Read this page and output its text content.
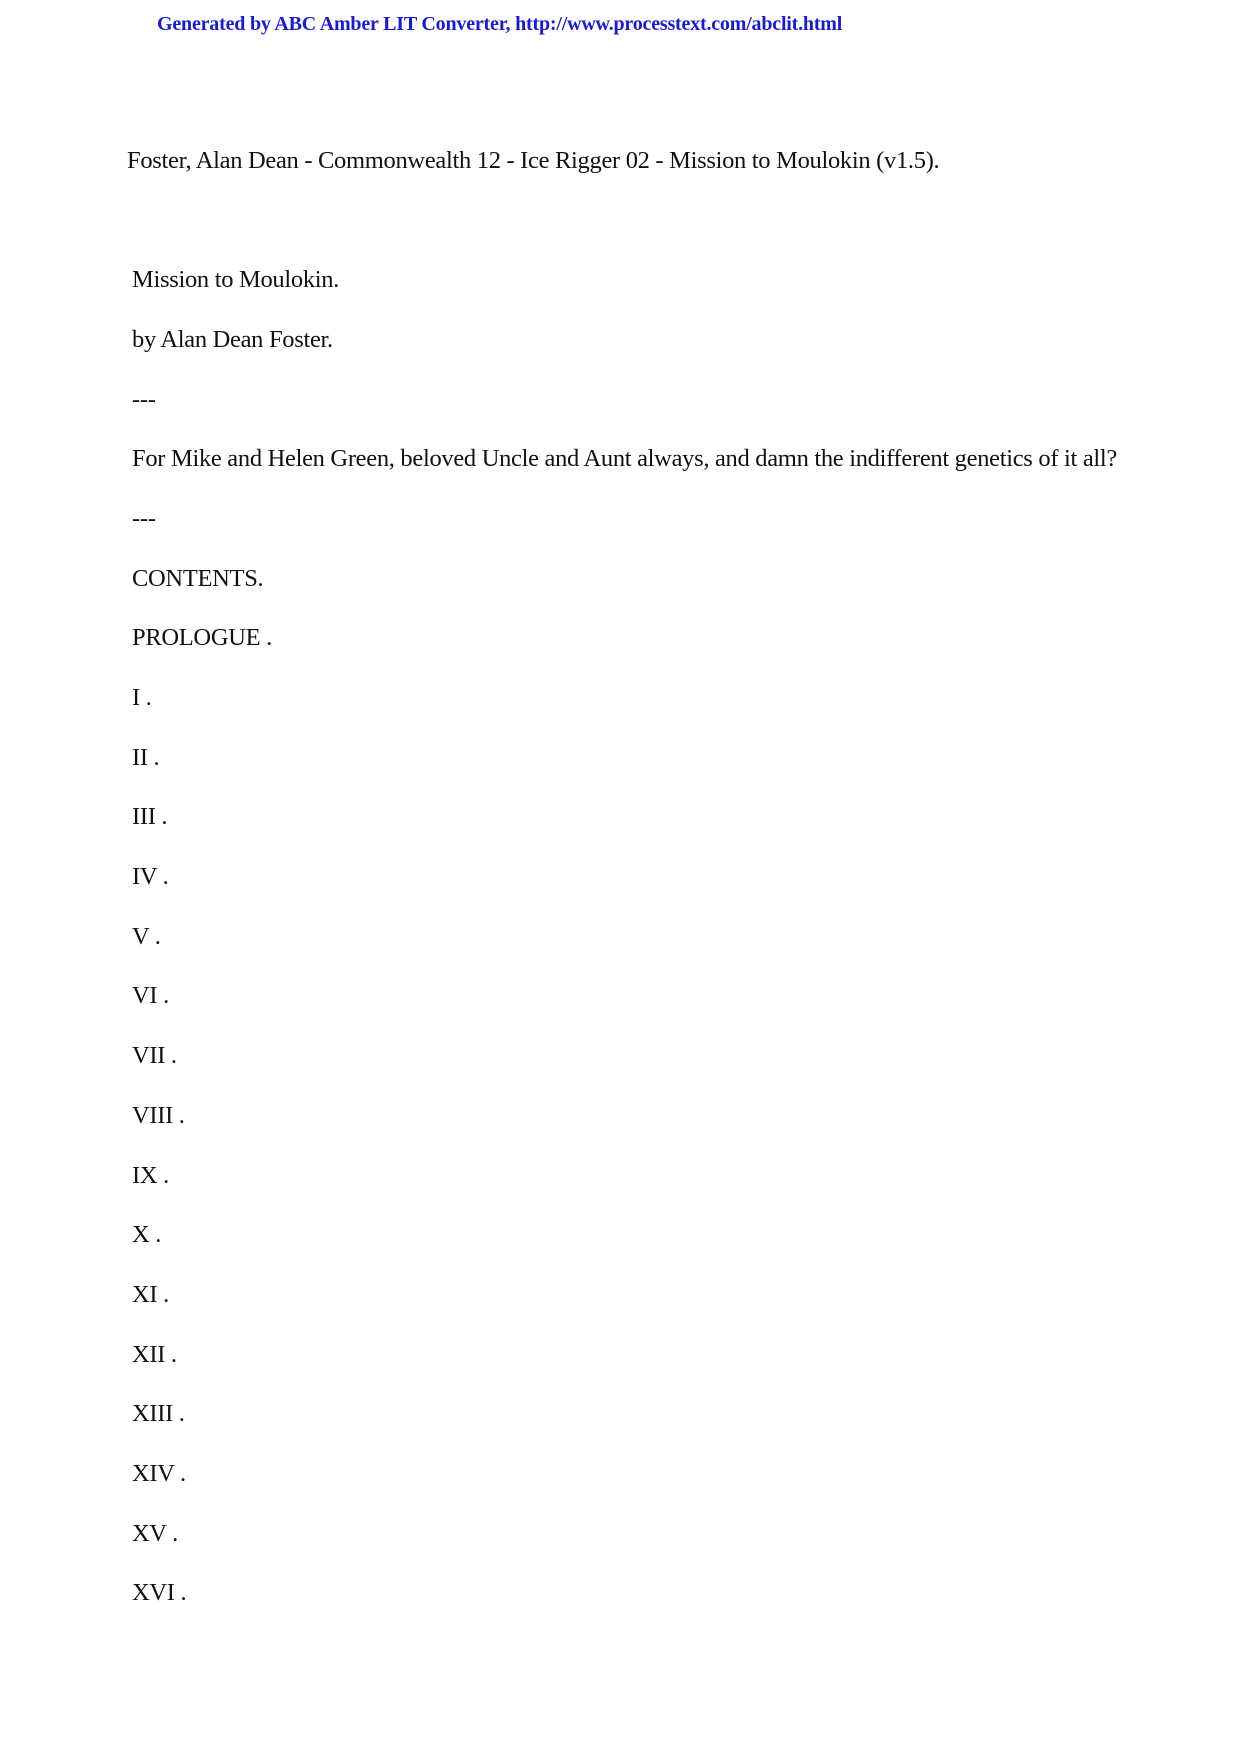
Generated by ABC Amber LIT Converter, http://www.processtext.com/abclit.html
Foster, Alan Dean - Commonwealth 12 - Ice Rigger 02 - Mission to Moulokin (v1.5).
Mission to Moulokin.
by Alan Dean Foster.
---
For Mike and Helen Green, beloved Uncle and Aunt always, and damn the indifferent genetics of it all?
---
CONTENTS.
PROLOGUE .
I .
II .
III .
IV .
V .
VI .
VII .
VIII .
IX .
X .
XI .
XII .
XIII .
XIV .
XV .
XVI .
